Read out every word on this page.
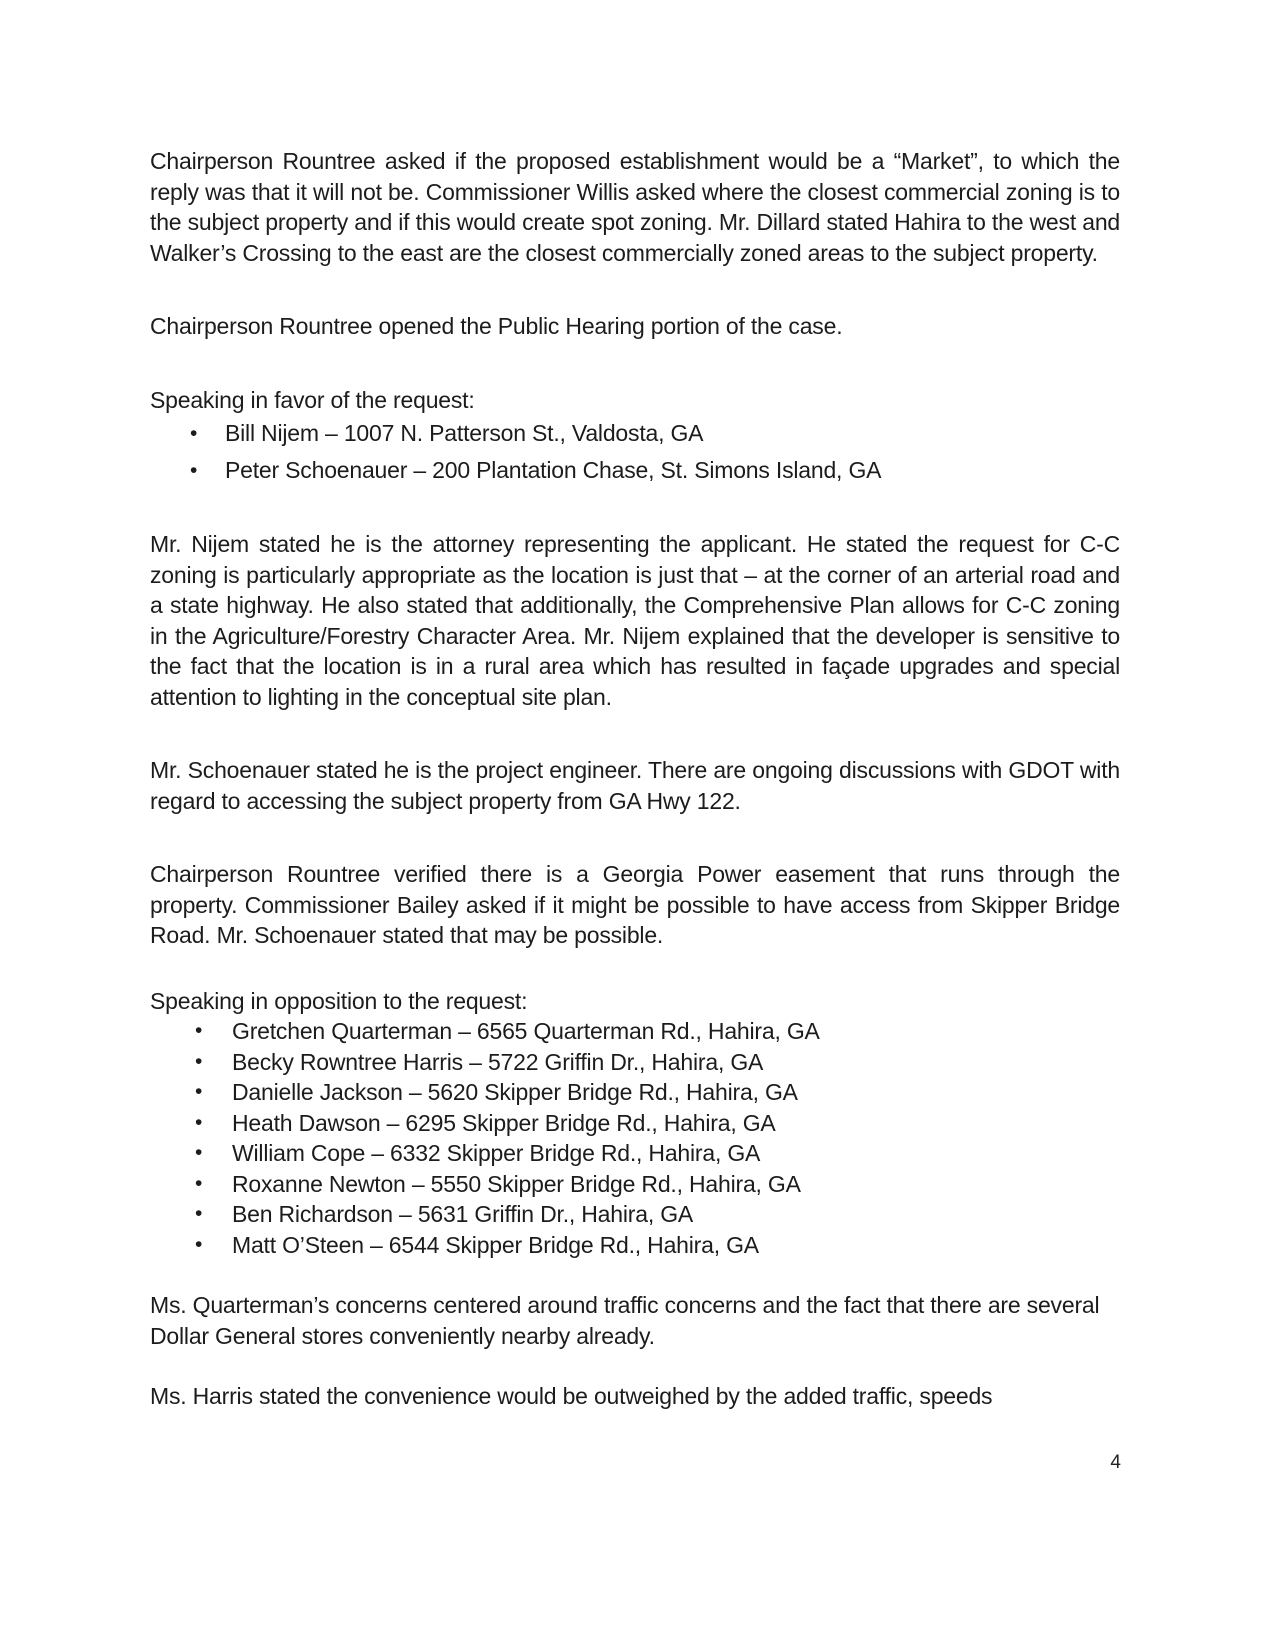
Chairperson Rountree asked if the proposed establishment would be a “Market”, to which the reply was that it will not be. Commissioner Willis asked where the closest commercial zoning is to the subject property and if this would create spot zoning. Mr. Dillard stated Hahira to the west and Walker’s Crossing to the east are the closest commercially zoned areas to the subject property.

Chairperson Rountree opened the Public Hearing portion of the case.

Speaking in favor of the request:

• Bill Nijem – 1007 N. Patterson St., Valdosta, GA
• Peter Schoenauer – 200 Plantation Chase, St. Simons Island, GA

Mr. Nijem stated he is the attorney representing the applicant. He stated the request for C-C zoning is particularly appropriate as the location is just that – at the corner of an arterial road and a state highway. He also stated that additionally, the Comprehensive Plan allows for C-C zoning in the Agriculture/Forestry Character Area. Mr. Nijem explained that the developer is sensitive to the fact that the location is in a rural area which has resulted in façade upgrades and special attention to lighting in the conceptual site plan.

Mr. Schoenauer stated he is the project engineer. There are ongoing discussions with GDOT with regard to accessing the subject property from GA Hwy 122.

Chairperson Rountree verified there is a Georgia Power easement that runs through the property. Commissioner Bailey asked if it might be possible to have access from Skipper Bridge Road. Mr. Schoenauer stated that may be possible.

Speaking in opposition to the request:

• Gretchen Quarterman – 6565 Quarterman Rd., Hahira, GA
• Becky Rowntree Harris – 5722 Griffin Dr., Hahira, GA
• Danielle Jackson – 5620 Skipper Bridge Rd., Hahira, GA
• Heath Dawson – 6295 Skipper Bridge Rd., Hahira, GA
• William Cope – 6332 Skipper Bridge Rd., Hahira, GA
• Roxanne Newton – 5550 Skipper Bridge Rd., Hahira, GA
• Ben Richardson – 5631 Griffin Dr., Hahira, GA
• Matt O’Steen – 6544 Skipper Bridge Rd., Hahira, GA

Ms. Quarterman’s concerns centered around traffic concerns and the fact that there are several Dollar General stores conveniently nearby already.

Ms. Harris stated the convenience would be outweighed by the added traffic, speeds

4
